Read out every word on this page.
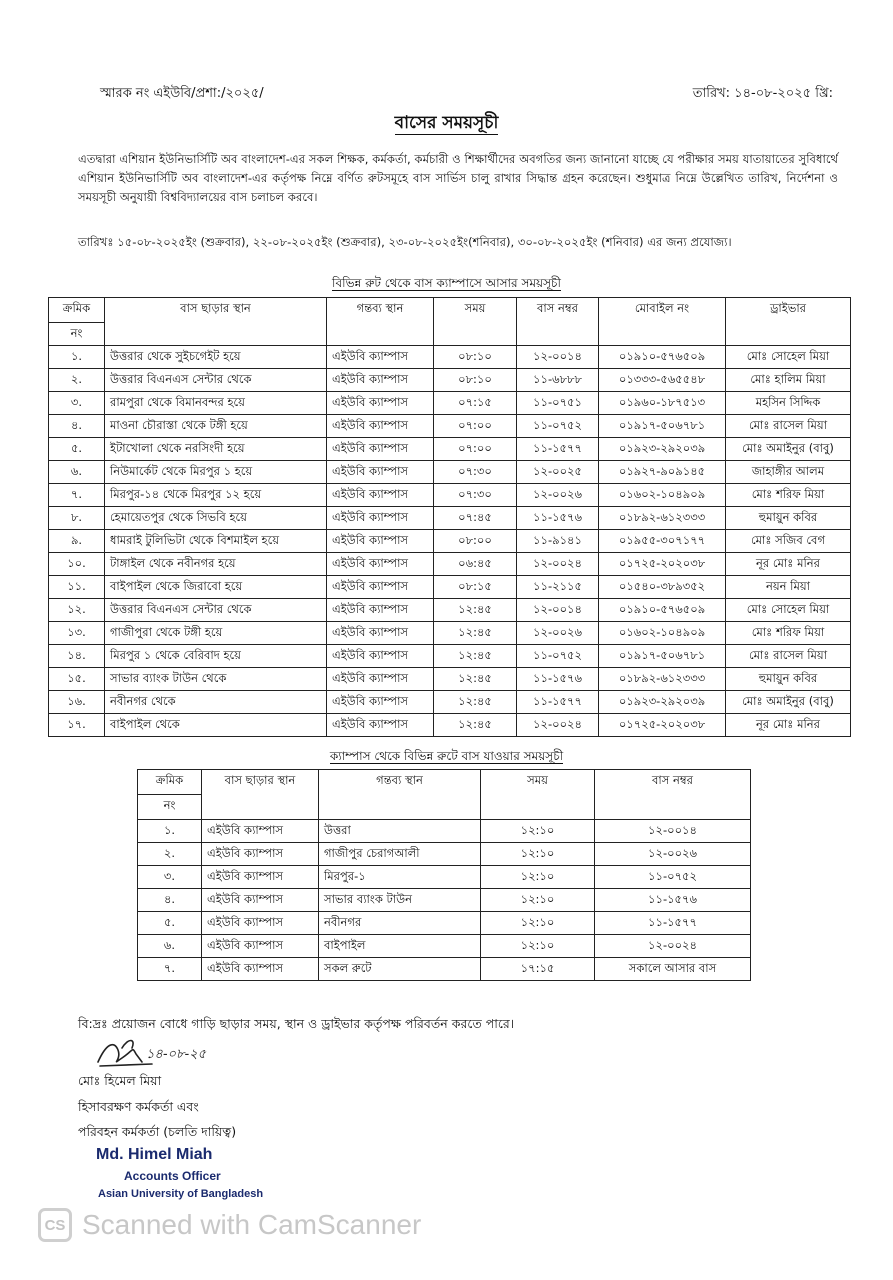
স্মারক নং এইউবি/প্রশা:/২০২৫/	তারিখ: ১৪-০৮-২০২৫ খ্রি:
বাসের সময়সূচী
এতদ্বারা এশিয়ান ইউনিভার্সিটি অব বাংলাদেশ-এর সকল শিক্ষক, কর্মকর্তা, কর্মচারী ও শিক্ষার্থীদের অবগতির জন্য জানানো যাচ্ছে যে পরীক্ষার সময় যাতায়াতের সুবিধার্থে এশিয়ান ইউনিভার্সিটি অব বাংলাদেশ-এর কর্তৃপক্ষ নিম্নে বর্ণিত রুটসমূহে বাস সার্ভিস চালু রাখার সিদ্ধান্ত গ্রহন করেছেন। শুধুমাত্র নিম্নে উল্লেখিত তারিখ, নির্দেশনা ও সময়সূচী অনুযায়ী বিশ্ববিদ্যালয়ের বাস চলাচল করবে।
তারিখঃ ১৫-০৮-২০২৫ইং (শুক্রবার), ২২-০৮-২০২৫ইং (শুক্রবার), ২৩-০৮-২০২৫ইং(শনিবার), ৩০-০৮-২০২৫ইং (শনিবার) এর জন্য প্রযোজ্য।
বিভিন্ন রুট থেকে বাস ক্যাম্পাসে আসার সময়সূচী
ক্রমিক	বাস ছাড়ার স্থান	গন্তব্য স্থান	সময়	বাস নম্বর	মোবাইল নং	ড্রাইভার
নং						
১.	উত্তরার থেকে সুইচগেইট হয়ে	এইউবি ক্যাম্পাস	০৮:১০	১২-০০১৪	০১৯১০-৫৭৬৫০৯	মোঃ সোহেল মিয়া
২.	উত্তরার বিএনএস সেন্টার থেকে	এইউবি ক্যাম্পাস	০৮:১০	১১-৬৮৮৮	০১৩৩৩-৫৬৫৫৪৮	মোঃ হালিম মিয়া
৩.	রামপুরা থেকে বিমানবন্দর হয়ে	এইউবি ক্যাম্পাস	০৭:১৫	১১-০৭৫১	০১৯৬০-১৮৭৫১৩	মহসিন সিদ্দিক
৪.	মাওনা চৌরাস্তা থেকে টঙ্গী হয়ে	এইউবি ক্যাম্পাস	০৭:০০	১১-০৭৫২	০১৯১৭-৫০৬৭৮১	মোঃ রাসেল মিয়া
৫.	ইটাখোলা থেকে নরসিংদী হয়ে	এইউবি ক্যাম্পাস	০৭:০০	১১-১৫৭৭	০১৯২৩-২৯২০৩৯	মোঃ অমাইনুর (বাবু)
৬.	নিউমার্কেট থেকে মিরপুর ১ হয়ে	এইউবি ক্যাম্পাস	০৭:৩০	১২-০০২৫	০১৯২৭-৯০৯১৪৫	জাহাঙ্গীর আলম
৭.	মিরপুর-১৪ থেকে মিরপুর ১২ হয়ে	এইউবি ক্যাম্পাস	০৭:৩০	১২-০০২৬	০১৬০২-১০৪৯০৯	মোঃ শরিফ মিয়া
৮.	হেমায়েতপুর থেকে সিভবি হয়ে	এইউবি ক্যাম্পাস	০৭:৪৫	১১-১৫৭৬	০১৮৯২-৬১২৩৩৩	হুমায়ুন কবির
৯.	ধামরাই টুলিভিটা থেকে বিশমাইল হয়ে	এইউবি ক্যাম্পাস	০৮:০০	১১-৯১৪১	০১৯৫৫-৩০৭১৭৭	মোঃ সজিব বেগ
১০.	টাঙ্গাইল থেকে নবীনগর হয়ে	এইউবি ক্যাম্পাস	০৬:৪৫	১২-০০২৪	০১৭২৫-২০২০৩৮	নূর মোঃ মনির
১১.	বাইপাইল থেকে জিরাবো হয়ে	এইউবি ক্যাম্পাস	০৮:১৫	১১-২১১৫	০১৫৪০-৩৮৯৩৫২	নয়ন মিয়া
১২.	উত্তরার বিএনএস সেন্টার থেকে	এইউবি ক্যাম্পাস	১২:৪৫	১২-০০১৪	০১৯১০-৫৭৬৫০৯	মোঃ সোহেল মিয়া
১৩.	গাজীপুরা থেকে টঙ্গী হয়ে	এইউবি ক্যাম্পাস	১২:৪৫	১২-০০২৬	০১৬০২-১০৪৯০৯	মোঃ শরিফ মিয়া
১৪.	মিরপুর ১ থেকে বেরিবাদ হয়ে	এইউবি ক্যাম্পাস	১২:৪৫	১১-০৭৫২	০১৯১৭-৫০৬৭৮১	মোঃ রাসেল মিয়া
১৫.	সাভার ব্যাংক টাউন থেকে	এইউবি ক্যাম্পাস	১২:৪৫	১১-১৫৭৬	০১৮৯২-৬১২৩৩৩	হুমায়ুন কবির
১৬.	নবীনগর থেকে	এইউবি ক্যাম্পাস	১২:৪৫	১১-১৫৭৭	০১৯২৩-২৯২০৩৯	মোঃ অমাইনুর (বাবু)
১৭.	বাইপাইল থেকে	এইউবি ক্যাম্পাস	১২:৪৫	১২-০০২৪	০১৭২৫-২০২০৩৮	নূর মোঃ মনির
ক্যাম্পাস থেকে বিভিন্ন রুটে বাস যাওয়ার সময়সূচী
ক্রমিক	বাস ছাড়ার স্থান	গন্তব্য স্থান	সময়	বাস নম্বর
নং				
১.	এইউবি ক্যাম্পাস	উত্তরা	১২:১০	১২-০০১৪
২.	এইউবি ক্যাম্পাস	গাজীপুর চেরাগআলী	১২:১০	১২-০০২৬
৩.	এইউবি ক্যাম্পাস	মিরপুর-১	১২:১০	১১-০৭৫২
৪.	এইউবি ক্যাম্পাস	সাভার ব্যাংক টাউন	১২:১০	১১-১৫৭৬
৫.	এইউবি ক্যাম্পাস	নবীনগর	১২:১০	১১-১৫৭৭
৬.	এইউবি ক্যাম্পাস	বাইপাইল	১২:১০	১২-০০২৪
৭.	এইউবি ক্যাম্পাস	সকল রুটে	১৭:১৫	সকালে আসার বাস
বি:দ্রঃ প্রয়োজন বোধে গাড়ি ছাড়ার সময়, স্থান ও ড্রাইভার কর্তৃপক্ষ পরিবর্তন করতে পারে।
১৪-০৮-২৫
মোঃ হিমেল মিয়া
হিসাবরক্ষণ কর্মকর্তা এবং
পরিবহন কর্মকর্তা (চলতি দায়িত্ব)
Md. Himel Miah
Accounts Officer
Asian University of Bangladesh
CS Scanned with CamScanner
